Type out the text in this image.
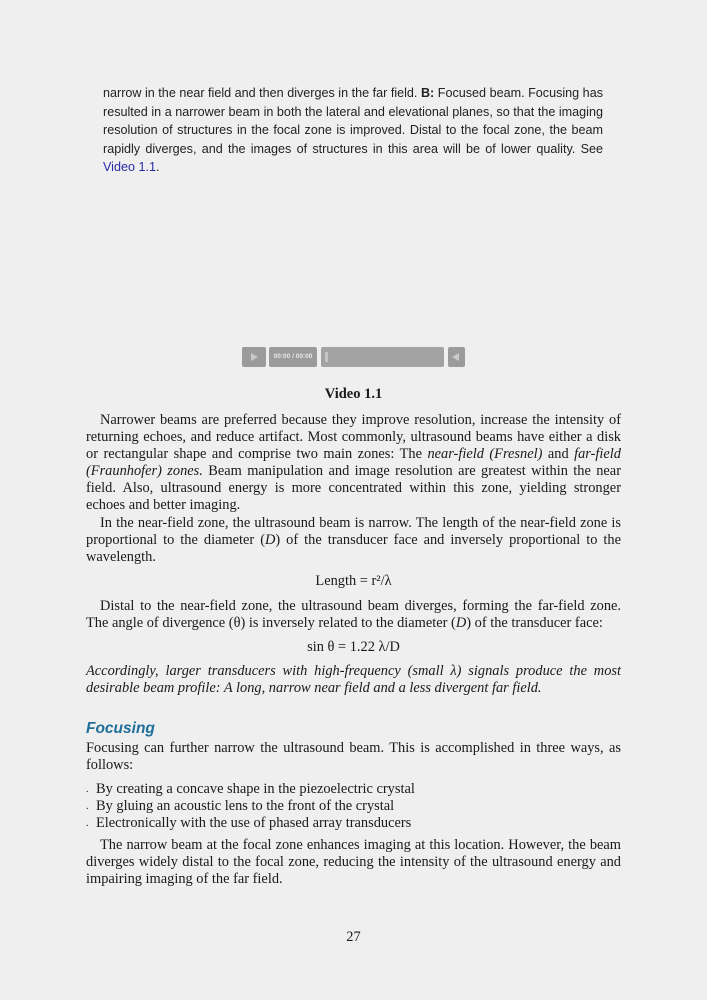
narrow in the near field and then diverges in the far field. B: Focused beam. Focusing has resulted in a narrower beam in both the lateral and elevational planes, so that the imaging resolution of structures in the focal zone is improved. Distal to the focal zone, the beam rapidly diverges, and the images of structures in this area will be of lower quality. See Video 1.1.
00:00 / 00:00
Video 1.1
Narrower beams are preferred because they improve resolution, increase the intensity of returning echoes, and reduce artifact. Most commonly, ultrasound beams have either a disk or rectangular shape and comprise two main zones: The near-field (Fresnel) and far-field (Fraunhofer) zones. Beam manipulation and image resolution are greatest within the near field. Also, ultrasound energy is more concentrated within this zone, yielding stronger echoes and better imaging.
In the near-field zone, the ultrasound beam is narrow. The length of the near-field zone is proportional to the diameter (D) of the transducer face and inversely proportional to the wavelength.
Length = r²/λ
Distal to the near-field zone, the ultrasound beam diverges, forming the far-field zone. The angle of divergence (θ) is inversely related to the diameter (D) of the transducer face:
sin θ = 1.22 λ/D
Accordingly, larger transducers with high-frequency (small λ) signals produce the most desirable beam profile: A long, narrow near field and a less divergent far field.
Focusing
Focusing can further narrow the ultrasound beam. This is accomplished in three ways, as follows:
. By creating a concave shape in the piezoelectric crystal
. By gluing an acoustic lens to the front of the crystal
. Electronically with the use of phased array transducers
The narrow beam at the focal zone enhances imaging at this location. However, the beam diverges widely distal to the focal zone, reducing the intensity of the ultrasound energy and impairing imaging of the far field.
27
